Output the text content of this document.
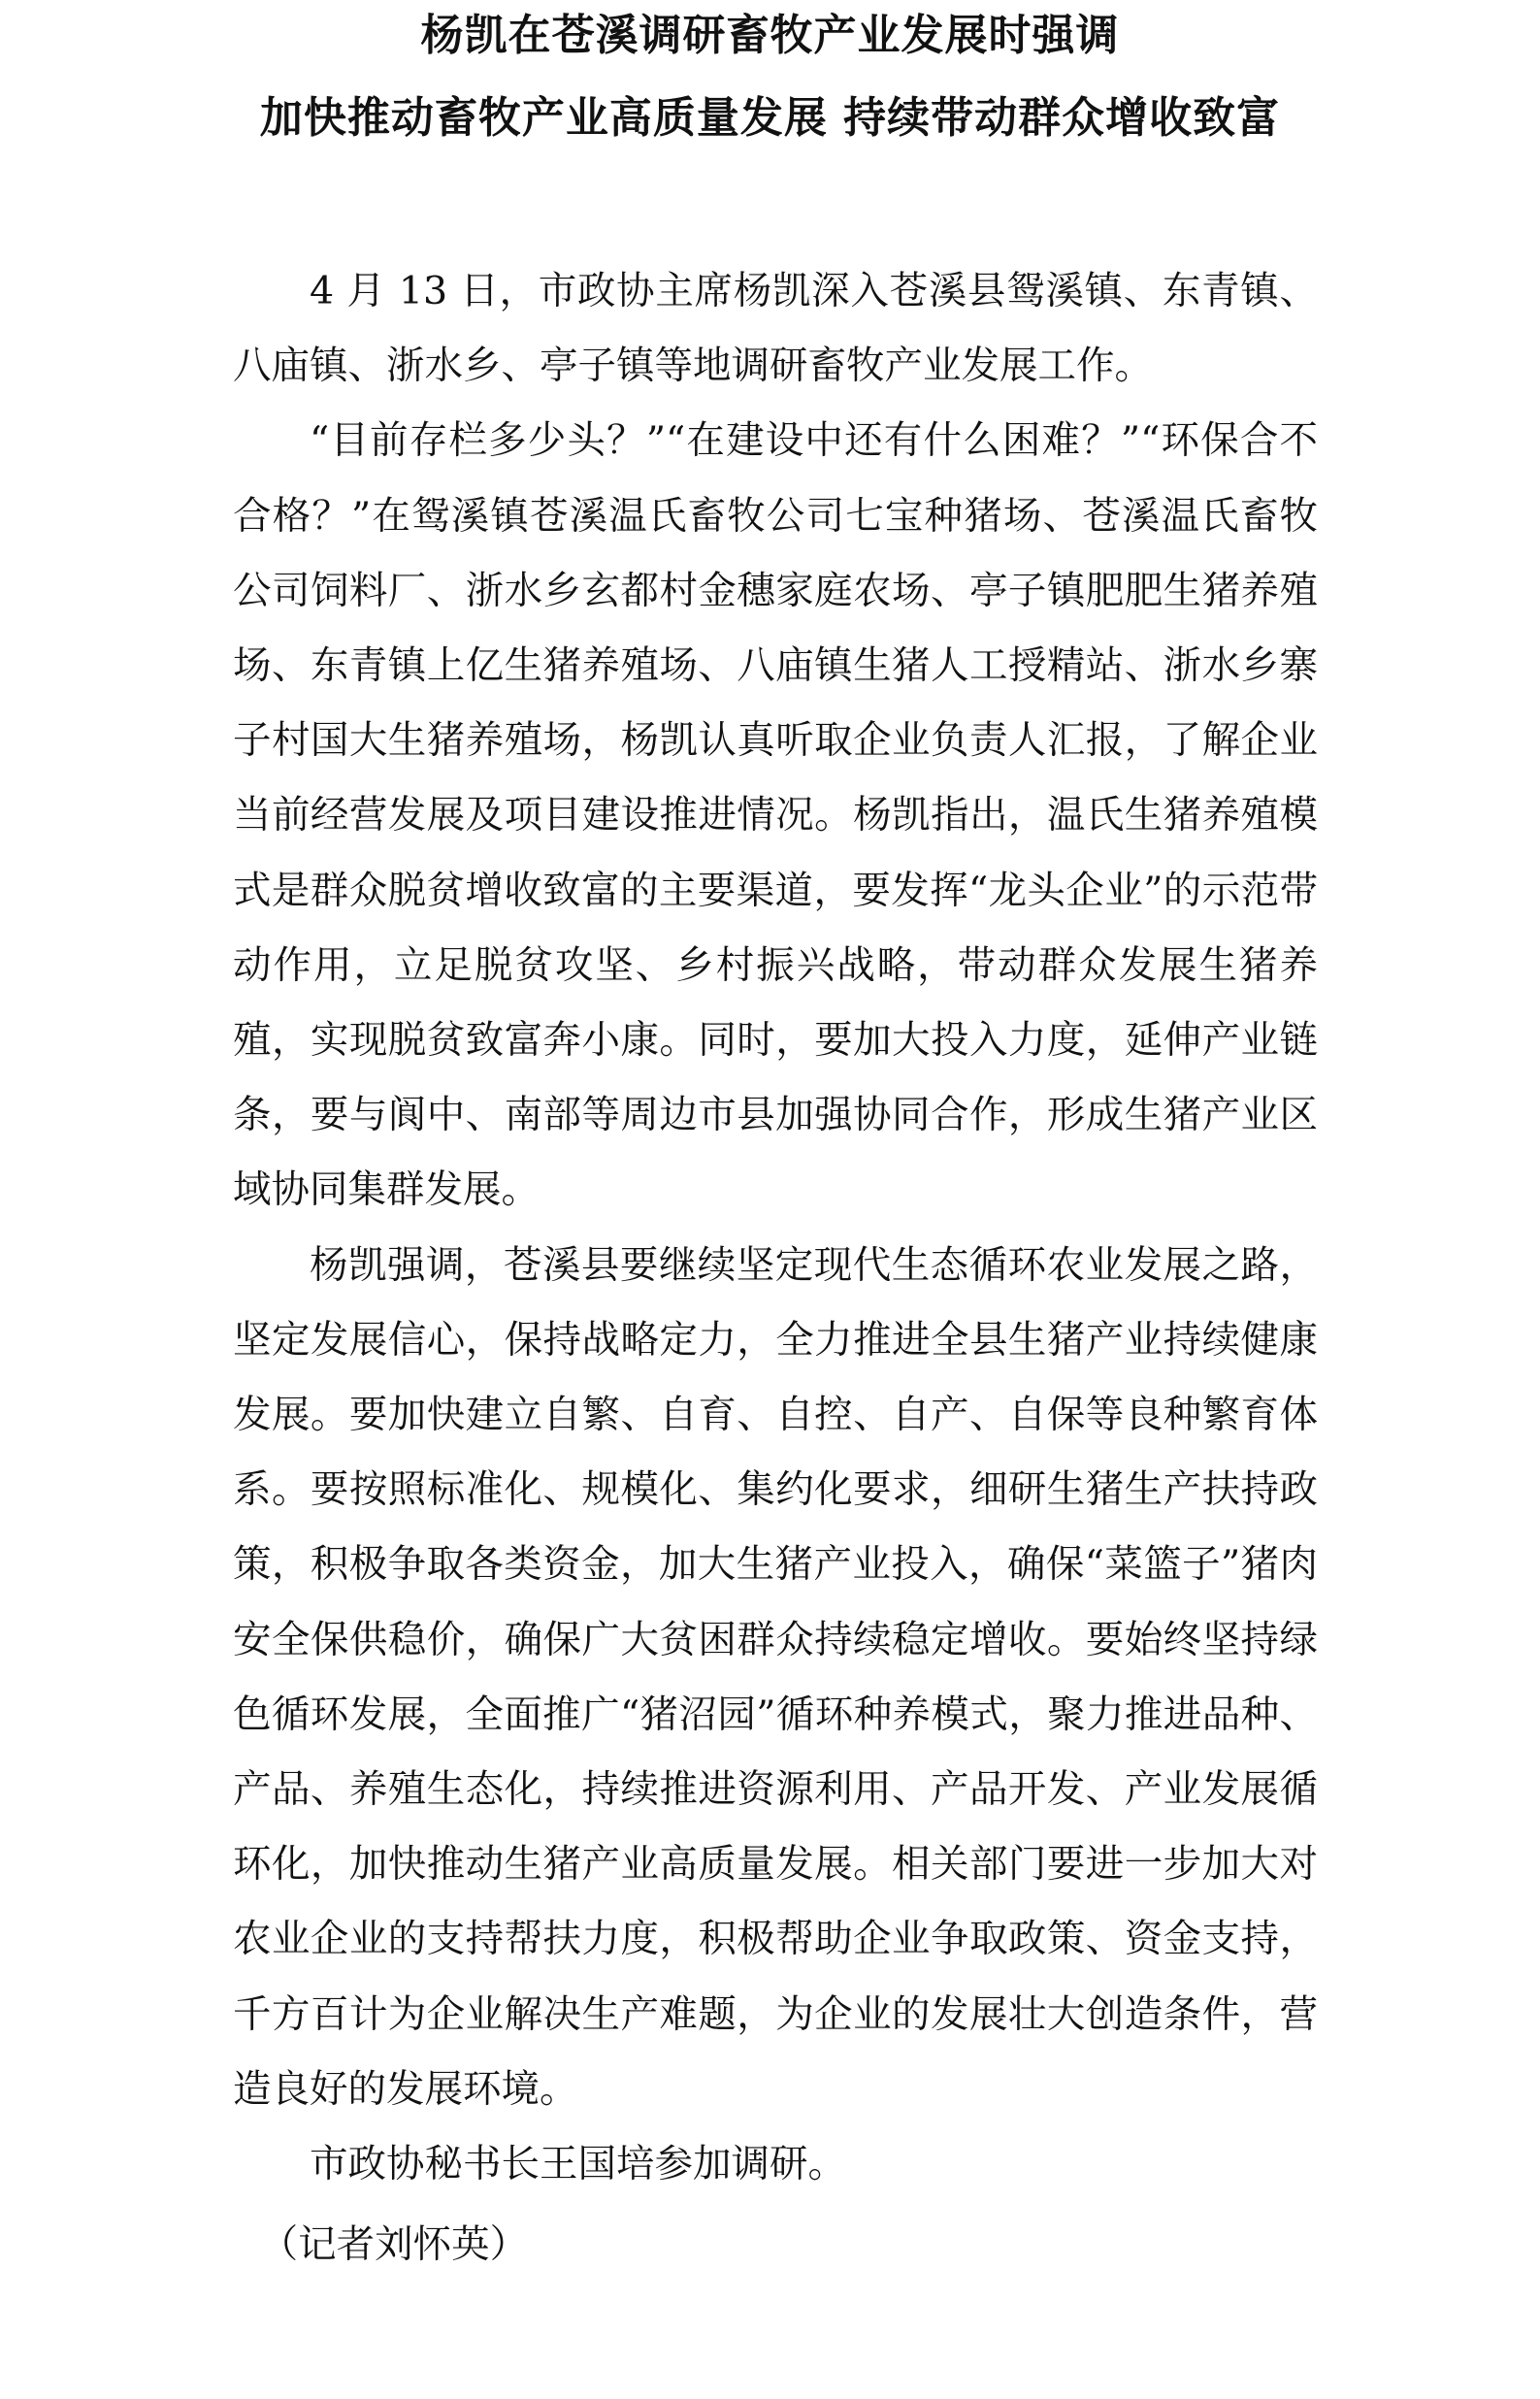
杨凯在苍溪调研畜牧产业发展时强调
加快推动畜牧产业高质量发展 持续带动群众增收致富

4 月 13 日，市政协主席杨凯深入苍溪县鸳溪镇、东青镇、八庙镇、浙水乡、亭子镇等地调研畜牧产业发展工作。

“目前存栏多少头？”“在建设中还有什么困难？”“环保合不合格？”在鸳溪镇苍溪温氏畜牧公司七宝种猪场、苍溪温氏畜牧公司饲料厂、浙水乡玄都村金穗家庭农场、亭子镇肥肥生猪养殖场、东青镇上亿生猪养殖场、八庙镇生猪人工授精站、浙水乡寨子村国大生猪养殖场，杨凯认真听取企业负责人汇报，了解企业当前经营发展及项目建设推进情况。杨凯指出，温氏生猪养殖模式是群众脱贫增收致富的主要渠道，要发挥“龙头企业”的示范带动作用，立足脱贫攻坚、乡村振兴战略，带动群众发展生猪养殖，实现脱贫致富奔小康。同时，要加大投入力度，延伸产业链条，要与阆中、南部等周边市县加强协同合作，形成生猪产业区域协同集群发展。

杨凯强调，苍溪县要继续坚定现代生态循环农业发展之路，坚定发展信心，保持战略定力，全力推进全县生猪产业持续健康发展。要加快建立自繁、自育、自控、自产、自保等良种繁育体系。要按照标准化、规模化、集约化要求，细研生猪生产扶持政策，积极争取各类资金，加大生猪产业投入，确保“菜篮子”猪肉安全保供稳价，确保广大贫困群众持续稳定增收。要始终坚持绿色循环发展，全面推广“猪沼园”循环种养模式，聚力推进品种、产品、养殖生态化，持续推进资源利用、产品开发、产业发展循环化，加快推动生猪产业高质量发展。相关部门要进一步加大对农业企业的支持帮扶力度，积极帮助企业争取政策、资金支持，千方百计为企业解决生产难题，为企业的发展壮大创造条件，营造良好的发展环境。

市政协秘书长王国培参加调研。

（记者刘怀英）
